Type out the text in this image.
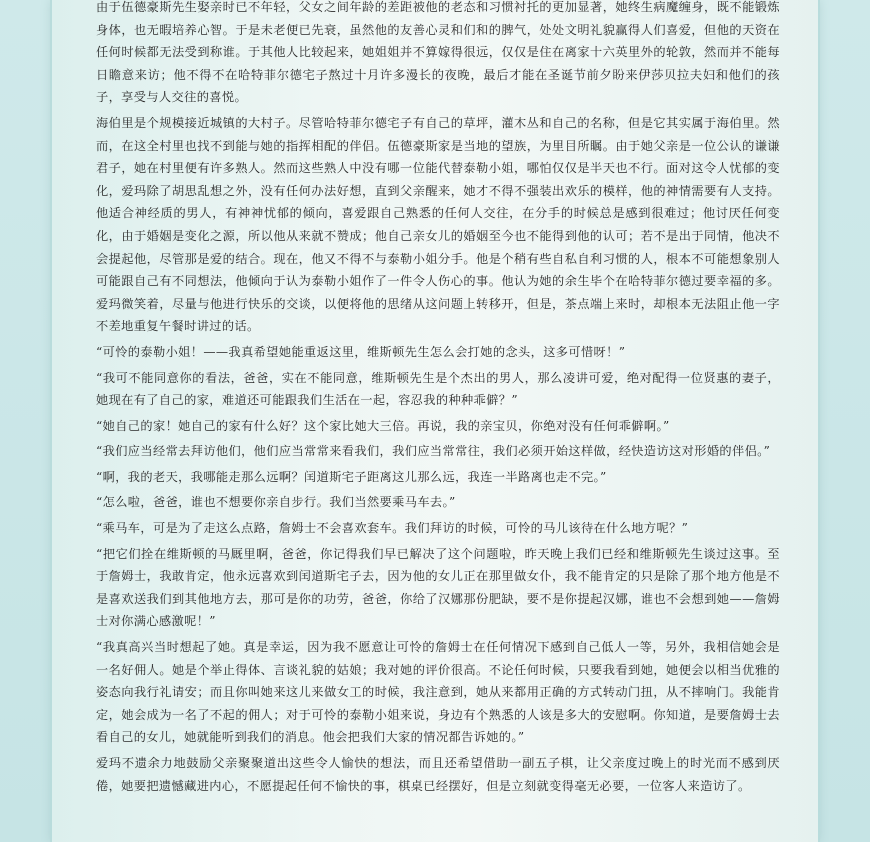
由于伍德豪斯先生娶亲时已不年轻，父女之间年龄的差距被他的老态和习惯衬托的更加显著，她终生病魔缠身，既不能锻炼身体，也无暇培养心智。于是未老便已先衰，虽然他的友善心灵和们和的脾气，处处文明礼貌赢得人们喜爱，但他的天资在任何时候都无法受到称谁。于其他人比较起来，她姐姐并不算嫁得很远，仅仅是住在离家十六英里外的轮敦，然而并不能每日瞻意来访；他不得不在哈特菲尔德宅子熬过十月许多漫长的夜晚，最后才能在圣诞节前夕盼来伊莎贝拉夫妇和他们的孩子，享受与人交往的喜悦。

海伯里是个规模接近城镇的大村子。尽管哈特菲尔德宅子有自己的草坪，灌木丛和自己的名称，但是它其实属于海伯里。然而，在这全村里也找不到能与她的指挥相配的伴侣。伍德豪斯家是当地的望族，为里目所瞩。由于她父亲是一位公认的谦谦君子，她在村里便有许多熟人。然而这些熟人中没有哪一位能代替泰勒小姐，哪怕仅仅是半天也不行。面对这令人忧郁的变化，爱玛除了胡思乱想之外，没有任何办法好想，直到父亲醒来，她才不得不强装出欢乐的模样，他的神情需要有人支持。他适合神经质的男人，有神神忧郁的倾向，喜爱跟自己熟悉的任何人交往，在分手的时候总是感到很难过；他讨厌任何变化，由于婚姻是变化之源，所以他从来就不赞成；他自己亲女儿的婚姻至今也不能得到他的认可；若不是出于同情，他决不会提起他，尽管那是爱的结合。现在，他又不得不与泰勒小姐分手。他是个稍有些自私自利习惯的人，根本不可能想象别人可能跟自己有不同想法，他倾向于认为泰勒小姐作了一件令人伤心的事。他认为她的余生毕个在哈特菲尔德过要幸福的多。爱玛微笑着，尽量与他进行快乐的交谈，以便将他的思绪从这问题上转移开，但是，茶点端上来时，却根本无法阻止他一字不差地重复午餐时讲过的话。

“可怜的泰勒小姐！——我真希望她能重返这里，维斯顿先生怎么会打她的念头，这多可惜呀！”

“我可不能同意你的看法，爸爸，实在不能同意，维斯顿先生是个杰出的男人，那么凌讲可爱，绝对配得一位贤惠的妻子，她现在有了自己的家，难道还可能跟我们生活在一起，容忍我的种种乖僻？”

“她自己的家！她自己的家有什么好？这个家比她大三倍。再说，我的亲宝贝，你绝对没有任何乖僻啊。”

“我们应当经常去拜访他们，他们应当常常来看我们，我们应当常常往，我们必须开始这样做，经快造访这对形婚的伴侣。”

“啊，我的老天，我哪能走那么远啊？闰道斯宅子距离这儿那么远，我连一半路离也走不完。”

“怎么啦，爸爸，谁也不想要你亲自步行。我们当然要乘马车去。”

“乘马车，可是为了走这么点路，詹姆士不会喜欢套车。我们拜访的时候，可怜的马儿该待在什么地方呢？”

“把它们拴在维斯顿的马厩里啊，爸爸，你记得我们早已解决了这个问题啦，昨天晚上我们已经和维斯顿先生谈过这事。至于詹姆士，我敢肯定，他永远喜欢到闰道斯宅子去，因为他的女儿正在那里做女仆，我不能肯定的只是除了那个地方他是不是喜欢送我们到其他地方去，那可是你的功劳，爸爸，你给了汉娜那份肥缺，要不是你提起汉娜，谁也不会想到她——詹姆士对你满心感激呢！”

“我真高兴当时想起了她。真是幸运，因为我不愿意让可怜的詹姆士在任何情况下感到自己低人一等，另外，我相信她会是一名好佣人。她是个举止得体、言谈礼貌的姑娘；我对她的评价很高。不论任何时候，只要我看到她，她便会以相当优雅的姿态向我行礼请安；而且你叫她来这儿来做女工的时候，我注意到，她从来都用正确的方式转动门扭，从不摔响门。我能肯定，她会成为一名了不起的佣人；对于可怜的泰勒小姐来说，身边有个熟悉的人该是多大的安慰啊。你知道，是要詹姆士去看自己的女儿，她就能听到我们的消息。他会把我们大家的情况都告诉她的。”

爱玛不遗余力地鼓励父亲聚聚道出这些令人愉快的想法，而且还希望借助一副五子棋，让父亲度过晚上的时光而不感到厌倦，她要把遗憾藏进内心，不愿提起任何不愉快的事，棋桌已经摆好，但是立刻就变得毫无必要，一位客人来造访了。
